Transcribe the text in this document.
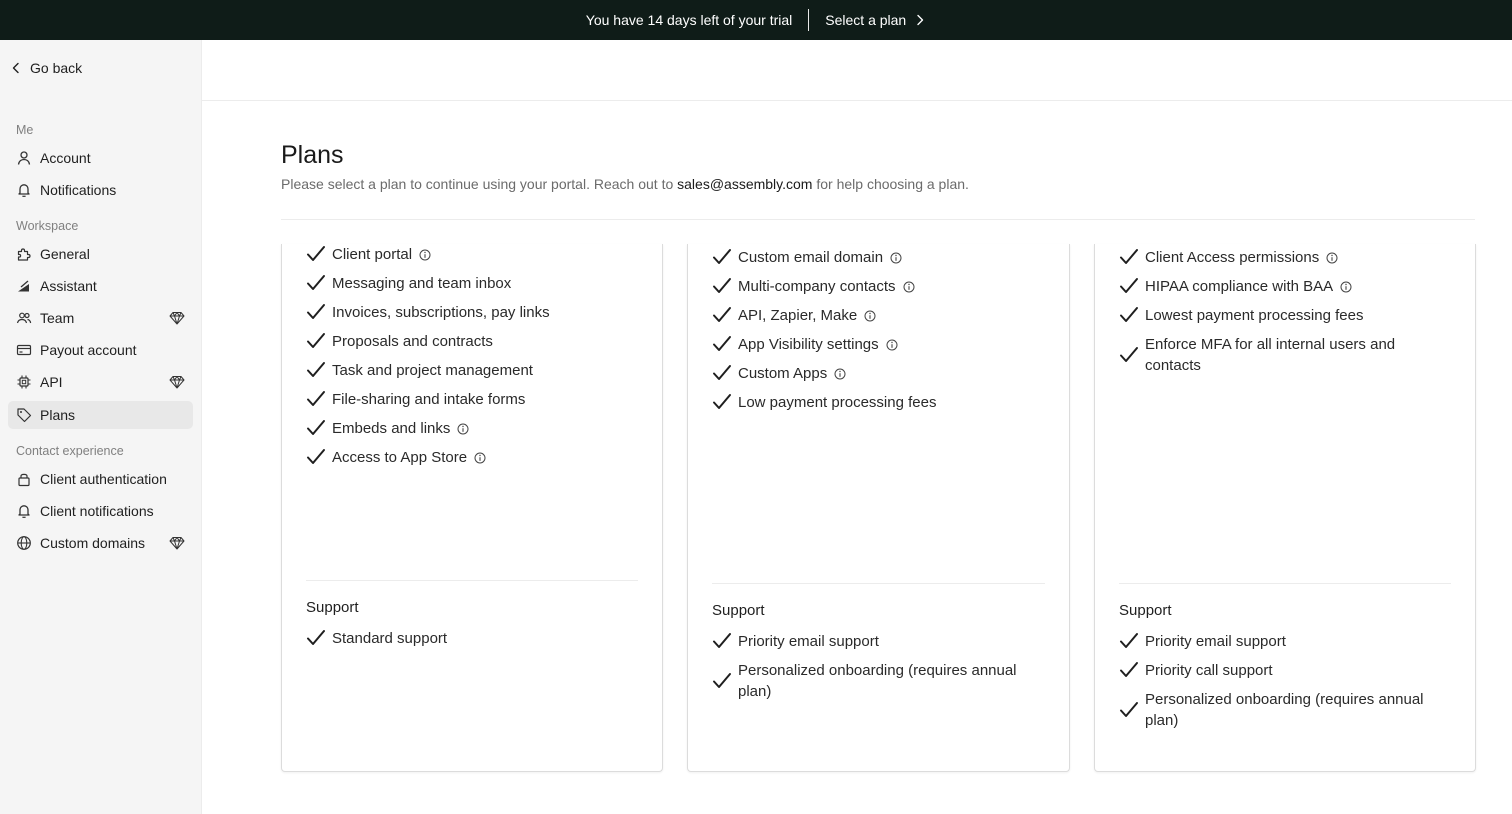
You have 14 days left of your trial Select a plan
Go back
Me
Account
Notifications
Workspace
General
Assistant
Team
Payout account
API
Plans
Contact experience
Client authentication
Client notifications
Custom domains
Plans

Please select a plan to continue using your portal. Reach out to sales@assembly.com for help choosing a plan.

Client portal
Messaging and team inbox
Invoices, subscriptions, pay links
Proposals and contracts
Task and project management
File-sharing and intake forms
Embeds and links
Access to App Store
Support
Standard support
Custom email domain
Multi-company contacts
API, Zapier, Make
App Visibility settings
Custom Apps
Low payment processing fees
Support
Priority email support
Personalized onboarding (requires annual plan)
Client Access permissions
HIPAA compliance with BAA
Lowest payment processing fees
Enforce MFA for all internal users and contacts
Support
Priority email support
Priority call support
Personalized onboarding (requires annual plan)
